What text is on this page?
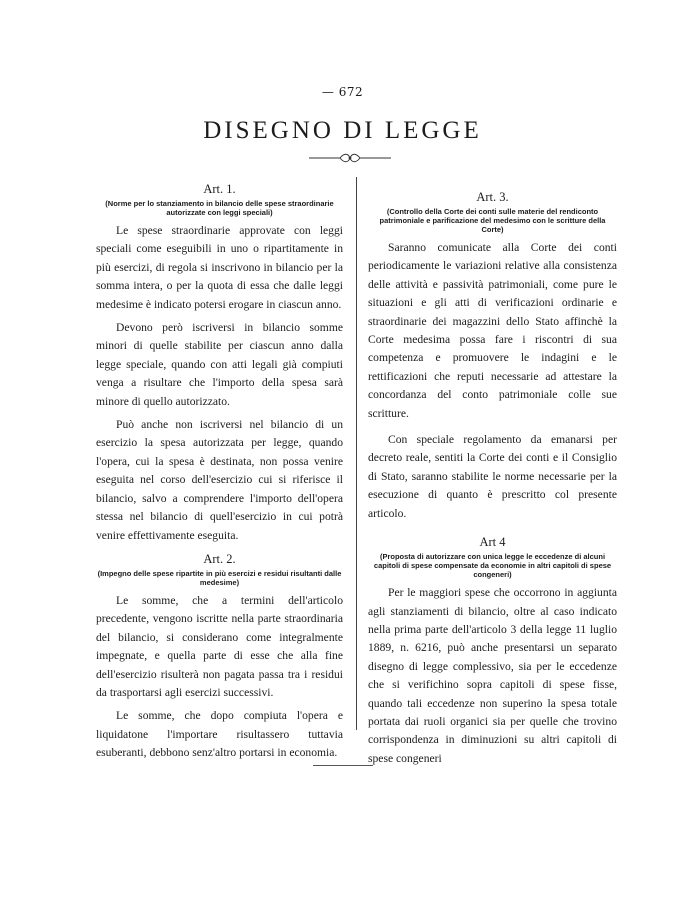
— 672
DISEGNO DI LEGGE

Art. 1.

(Norme per lo stanziamento in bilancio delle spese straordinarie autorizzate con leggi speciali)

Le spese straordinarie approvate con leggi speciali come eseguibili in uno o ripartitamente in più esercizi, di regola si inscrivono in bilancio per la somma intera, o per la quota di essa che dalle leggi medesime è indicato potersi erogare in ciascun anno.

Devono però iscriversi in bilancio somme minori di quelle stabilite per ciascun anno dalla legge speciale, quando con atti legali già compiuti venga a risultare che l'importo della spesa sarà minore di quello autorizzato.

Può anche non iscriversi nel bilancio di un esercizio la spesa autorizzata per legge, quando l'opera, cui la spesa è destinata, non possa venire eseguita nel corso dell'esercizio cui si riferisce il bilancio, salvo a comprendere l'importo dell'opera stessa nel bilancio di quell'esercizio in cui potrà venire effettivamente eseguita.

Art. 2.

(Impegno delle spese ripartite in più esercizi e residui risultanti dalle medesime)

Le somme, che a termini dell'articolo precedente, vengono iscritte nella parte straordinaria del bilancio, si considerano come integralmente impegnate, e quella parte di esse che alla fine dell'esercizio risulterà non pagata passa tra i residui da trasportarsi agli esercizi successivi.

Le somme, che dopo compiuta l'opera e liquidatone l'importare risultassero tuttavia esuberanti, debbono senz'altro portarsi in economia.

Art. 3.

(Controllo della Corte dei conti sulle materie del rendiconto patrimoniale e parificazione del medesimo con le scritture della Corte)

Saranno comunicate alla Corte dei conti periodicamente le variazioni relative alla consistenza delle attività e passività patrimoniali, come pure le situazioni e gli atti di verificazioni ordinarie e straordinarie dei magazzini dello Stato affinchè la Corte medesima possa fare i riscontri di sua competenza e promuovere le indagini e le rettificazioni che reputi necessarie ad attestare la concordanza del conto patrimoniale colle sue scritture.

Con speciale regolamento da emanarsi per decreto reale, sentiti la Corte dei conti e il Consiglio di Stato, saranno stabilite le norme necessarie per la esecuzione di quanto è prescritto col presente articolo.

Art 4

(Proposta di autorizzare con unica legge le eccedenze di alcuni capitoli di spese compensate da economie in altri capitoli di spese congeneri)

Per le maggiori spese che occorrono in aggiunta agli stanziamenti di bilancio, oltre al caso indicato nella prima parte dell'articolo 3 della legge 11 luglio 1889, n. 6216, può anche presentarsi un separato disegno di legge complessivo, sia per le eccedenze che si verifichino sopra capitoli di spese fisse, quando tali eccedenze non superino la spesa totale portata dai ruoli organici sia per quelle che trovino corrispondenza in diminuzioni su altri capitoli di spese congeneri
